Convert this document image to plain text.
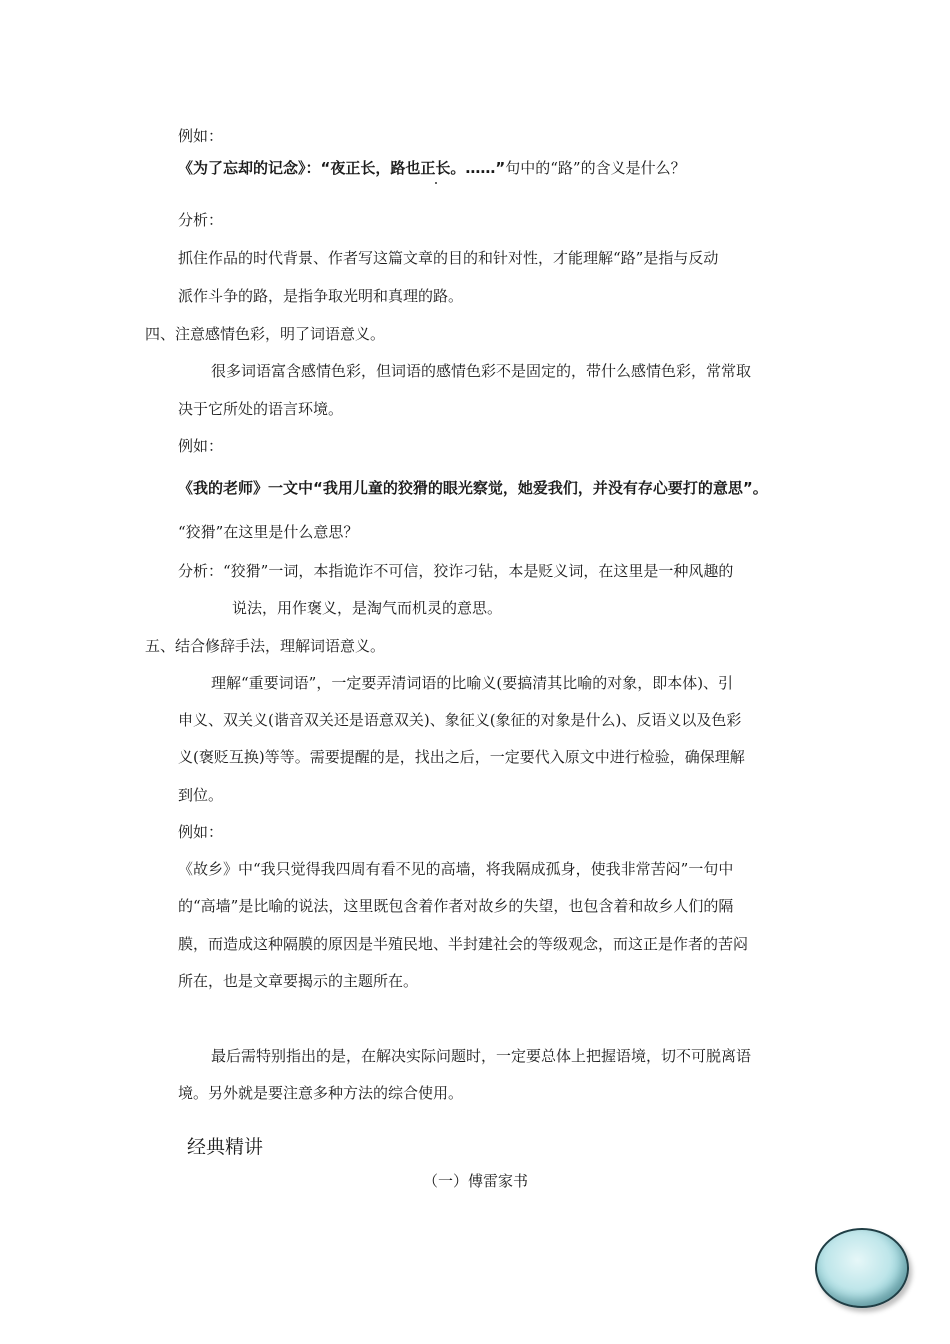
例如：
《为了忘却的记念》：“夜正长，路也正长。……”句中的“路”的含义是什么？
分析：
抓住作品的时代背景、作者写这篇文章的目的和针对性，才能理解“路”是指与反动
派作斗争的路，是指争取光明和真理的路。
四、注意感情色彩，明了词语意义。
很多词语富含感情色彩，但词语的感情色彩不是固定的，带什么感情色彩，常常取
决于它所处的语言环境。
例如：
《我的老师》一文中“我用儿童的狡猾的眼光察觉，她爱我们，并没有存心要打的意思”。
“狡猾”在这里是什么意思？
分析：“狡猾”一词，本指诡诈不可信，狡诈刁钻，本是贬义词，在这里是一种风趣的
说法，用作褒义，是淘气而机灵的意思。
五、结合修辞手法，理解词语意义。
理解“重要词语”，一定要弄清词语的比喻义(要搞清其比喻的对象，即本体)、引
申义、双关义(谐音双关还是语意双关)、象征义(象征的对象是什么)、反语义以及色彩
义(褒贬互换)等等。需要提醒的是，找出之后，一定要代入原文中进行检验，确保理解
到位。
例如：
《故乡》中“我只觉得我四周有看不见的高墙，将我隔成孤身，使我非常苦闷”一句中
的“高墙”是比喻的说法，这里既包含着作者对故乡的失望，也包含着和故乡人们的隔
膜，而造成这种隔膜的原因是半殖民地、半封建社会的等级观念，而这正是作者的苦闷
所在，也是文章要揭示的主题所在。
最后需特别指出的是，在解决实际问题时，一定要总体上把握语境，切不可脱离语
境。另外就是要注意多种方法的综合使用。
经典精讲
（一）傅雷家书
